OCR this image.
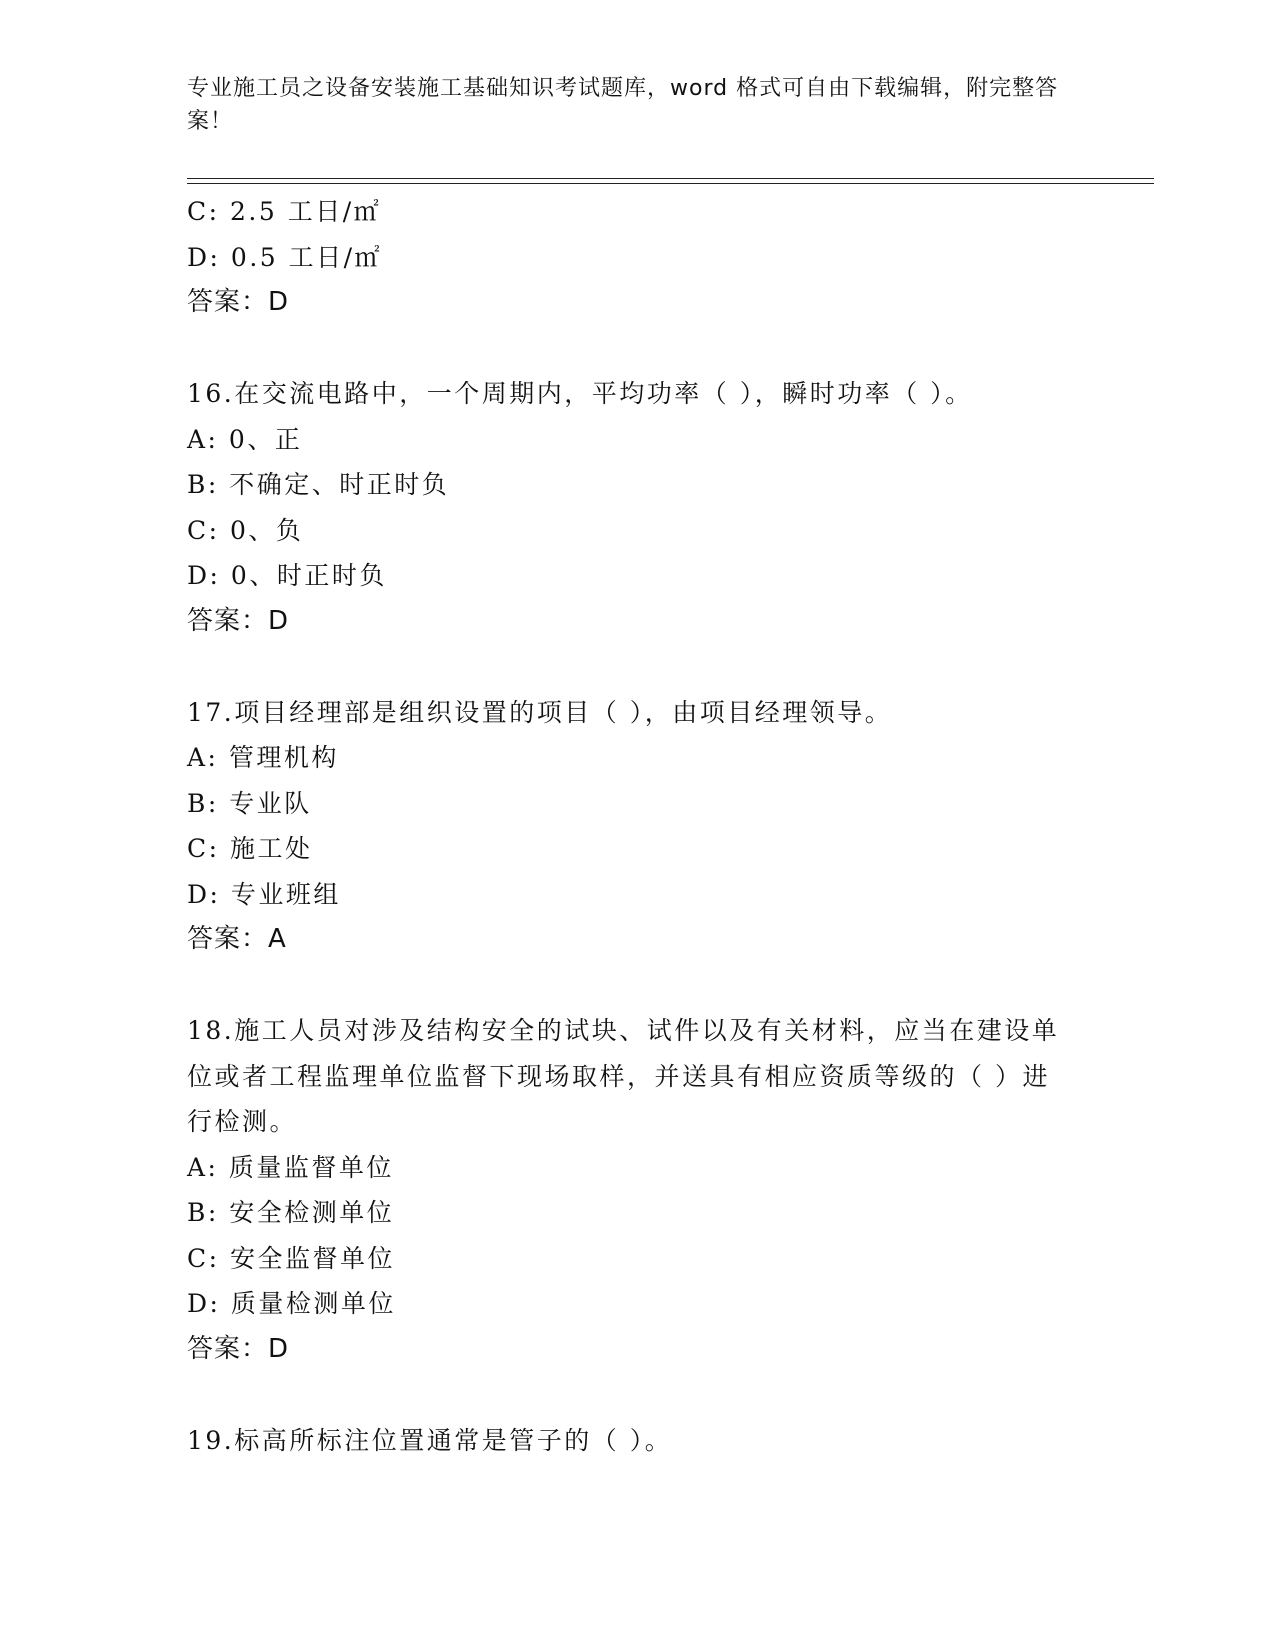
专业施工员之设备安装施工基础知识考试题库，word 格式可自由下载编辑，附完整答案！
C: 2.5 工日/㎡
D: 0.5 工日/㎡
答案：D
16.在交流电路中，一个周期内，平均功率（ ），瞬时功率（ ）。
A: 0、正
B: 不确定、时正时负
C: 0、负
D: 0、时正时负
答案：D
17.项目经理部是组织设置的项目（ ），由项目经理领导。
A: 管理机构
B: 专业队
C: 施工处
D: 专业班组
答案：A
18.施工人员对涉及结构安全的试块、试件以及有关材料，应当在建设单位或者工程监理单位监督下现场取样，并送具有相应资质等级的（ ）进行检测。
A: 质量监督单位
B: 安全检测单位
C: 安全监督单位
D: 质量检测单位
答案：D
19.标高所标注位置通常是管子的（ ）。
